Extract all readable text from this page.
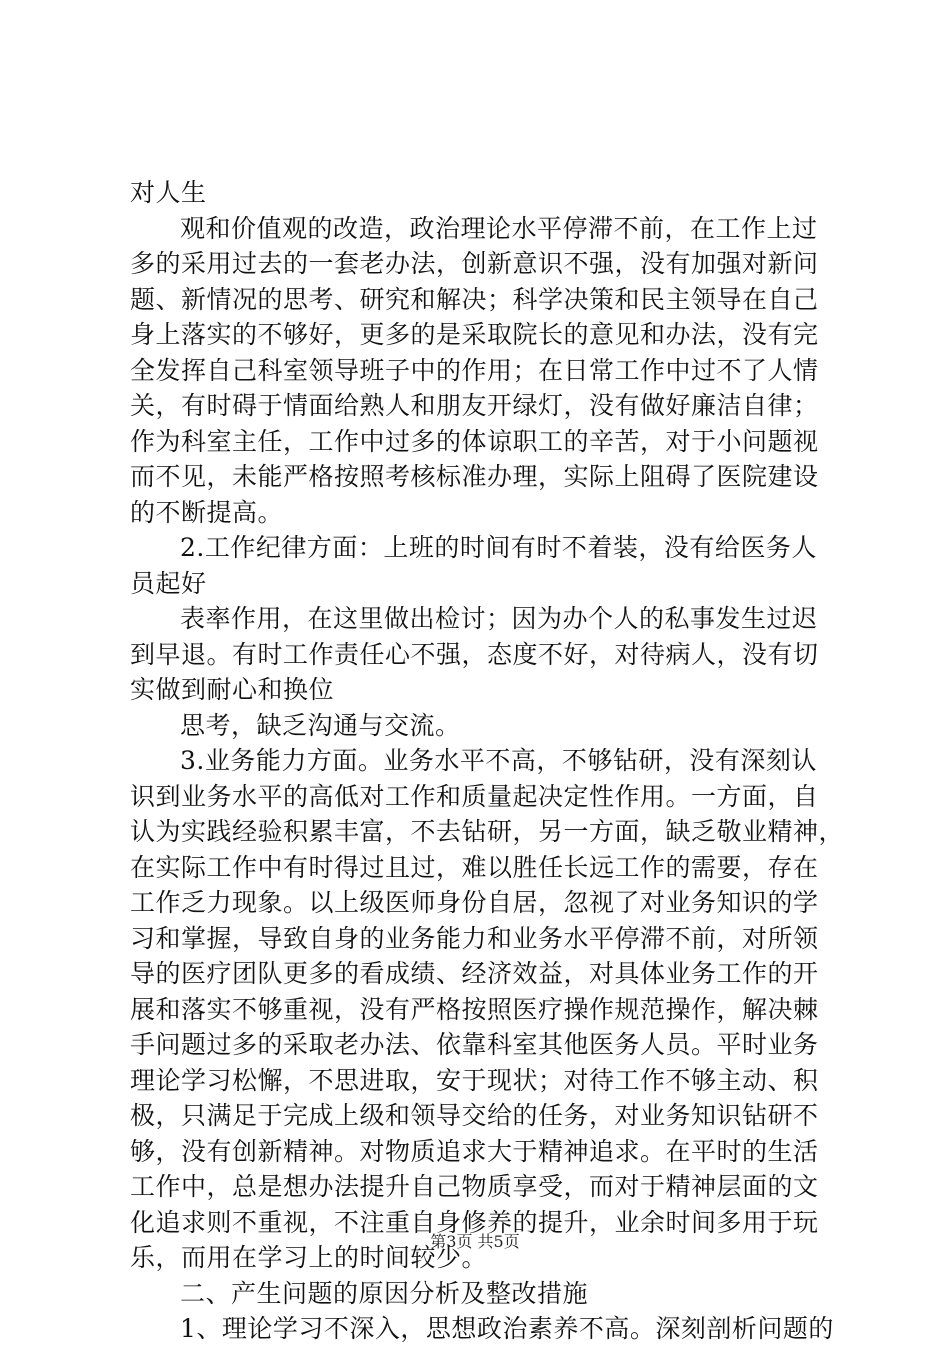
对人生
观和价值观的改造，政治理论水平停滞不前，在工作上过
多的采用过去的一套老办法，创新意识不强，没有加强对新问
题、新情况的思考、研究和解决；科学决策和民主领导在自己
身上落实的不够好，更多的是采取院长的意见和办法，没有完
全发挥自己科室领导班子中的作用；在日常工作中过不了人情
关，有时碍于情面给熟人和朋友开绿灯，没有做好廉洁自律；
作为科室主任，工作中过多的体谅职工的辛苦，对于小问题视
而不见，未能严格按照考核标准办理，实际上阻碍了医院建设
的不断提高。
2.工作纪律方面：上班的时间有时不着装，没有给医务人
员起好
表率作用，在这里做出检讨；因为办个人的私事发生过迟
到早退。有时工作责任心不强，态度不好，对待病人，没有切
实做到耐心和换位
思考，缺乏沟通与交流。
3.业务能力方面。业务水平不高，不够钻研，没有深刻认
识到业务水平的高低对工作和质量起决定性作用。一方面，自
认为实践经验积累丰富，不去钻研，另一方面，缺乏敬业精神，
在实际工作中有时得过且过，难以胜任长远工作的需要，存在
工作乏力现象。以上级医师身份自居，忽视了对业务知识的学
习和掌握，导致自身的业务能力和业务水平停滞不前，对所领
导的医疗团队更多的看成绩、经济效益，对具体业务工作的开
展和落实不够重视，没有严格按照医疗操作规范操作，解决棘
手问题过多的采取老办法、依靠科室其他医务人员。平时业务
理论学习松懈，不思进取，安于现状；对待工作不够主动、积
极，只满足于完成上级和领导交给的任务，对业务知识钻研不
够，没有创新精神。对物质追求大于精神追求。在平时的生活
工作中，总是想办法提升自己物质享受，而对于精神层面的文
化追求则不重视，不注重自身修养的提升，业余时间多用于玩
乐，而用在学习上的时间较少。
二、产生问题的原因分析及整改措施
1、理论学习不深入，思想政治素养不高。深刻剖析问题的
第3页 共5页
